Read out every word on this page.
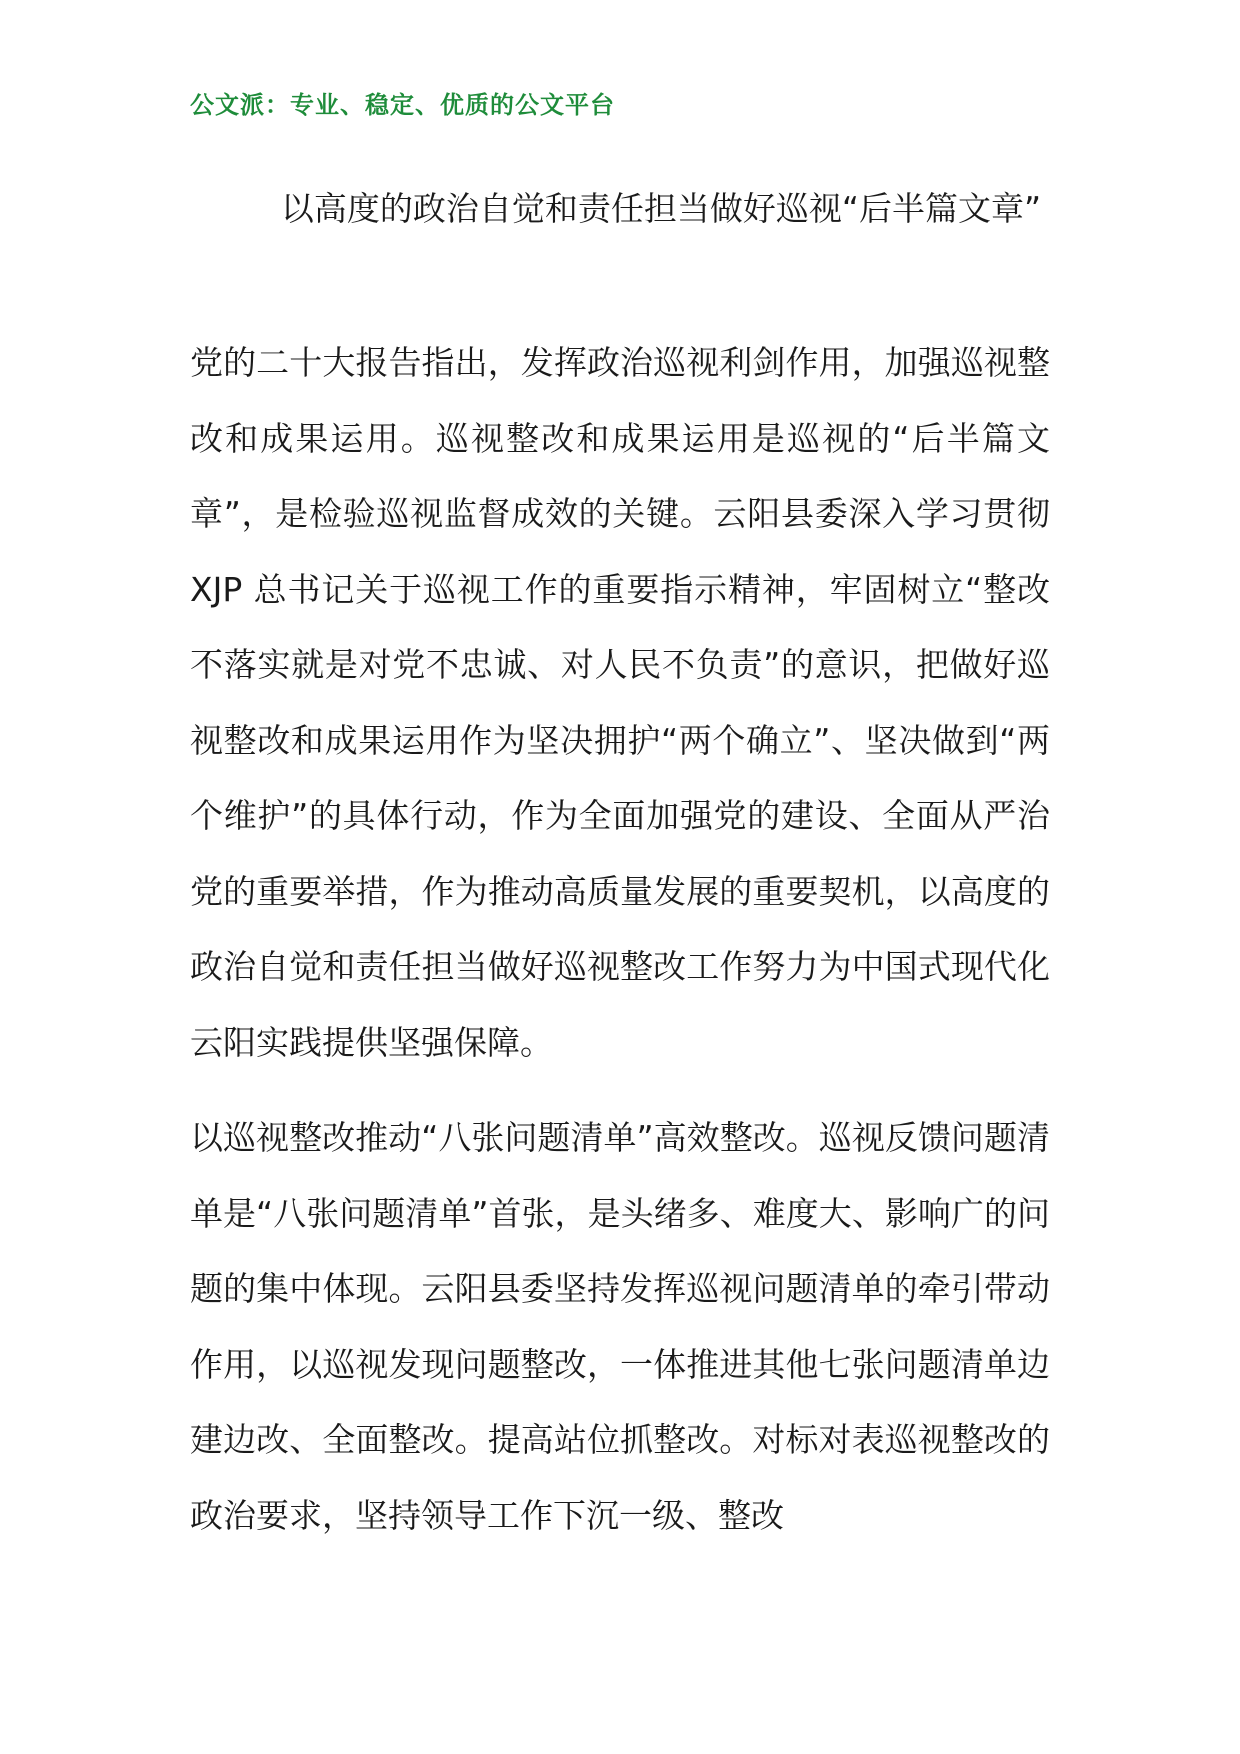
公文派：专业、稳定、优质的公文平台
以高度的政治自觉和责任担当做好巡视“后半篇文章”
党的二十大报告指出，发挥政治巡视利剑作用，加强巡视整改和成果运用。巡视整改和成果运用是巡视的“后半篇文章”，是检验巡视监督成效的关键。云阳县委深入学习贯彻 XJP 总书记关于巡视工作的重要指示精神，牢固树立“整改不落实就是对党不忠诚、对人民不负责”的意识，把做好巡视整改和成果运用作为坚决拥护“两个确立”、坚决做到“两个维护”的具体行动，作为全面加强党的建设、全面从严治党的重要举措，作为推动高质量发展的重要契机，以高度的政治自觉和责任担当做好巡视整改工作努力为中国式现代化云阳实践提供坚强保障。
以巡视整改推动“八张问题清单”高效整改。巡视反馈问题清单是“八张问题清单”首张，是头绪多、难度大、影响广的问题的集中体现。云阳县委坚持发挥巡视问题清单的牵引带动作用，以巡视发现问题整改，一体推进其他七张问题清单边建边改、全面整改。提高站位抓整改。对标对表巡视整改的政治要求，坚持领导工作下沉一级、整改
